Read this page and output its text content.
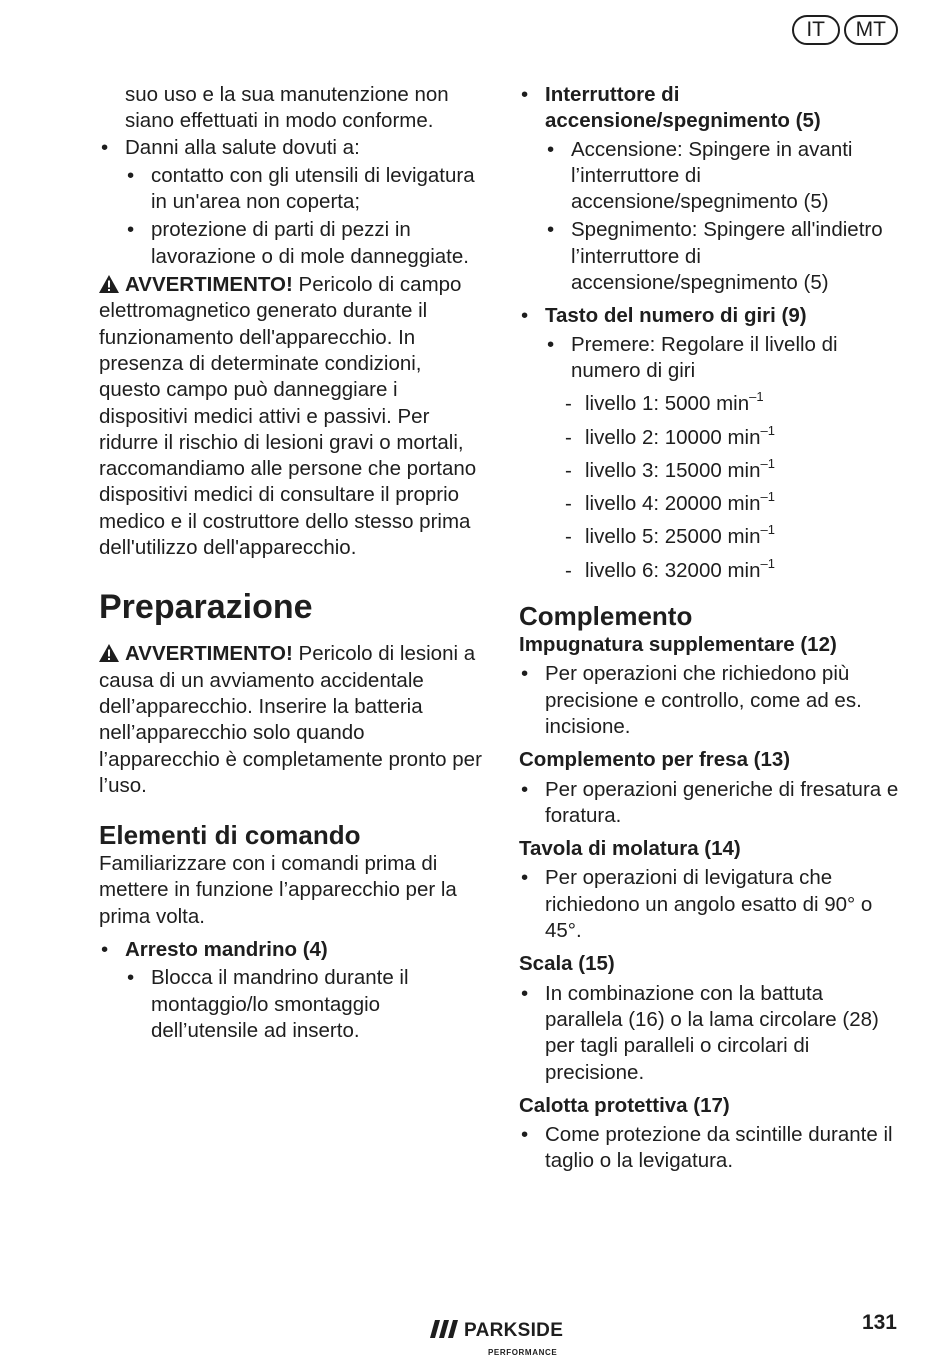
IT	MT

suo uso e la sua manutenzione non siano effettuati in modo conforme.

• Danni alla salute dovuti a:
• contatto con gli utensili di levigatura in un'area non coperta;
• protezione di parti di pezzi in lavorazione o di mole danneggiate.

AVVERTIMENTO! Pericolo di campo elettromagnetico generato durante il funzionamento dell'apparecchio. In presenza di determinate condizioni, questo campo può danneggiare i dispositivi medici attivi e passivi. Per ridurre il rischio di lesioni gravi o mortali, raccomandiamo alle persone che portano dispositivi medici di consultare il proprio medico e il costruttore dello stesso prima dell'utilizzo dell'apparecchio.

Preparazione

AVVERTIMENTO! Pericolo di lesioni a causa di un avviamento accidentale dell’apparecchio. Inserire la batteria nell’apparecchio solo quando l’apparecchio è completamente pronto per l’uso.

Elementi di comando

Familiarizzare con i comandi prima di mettere in funzione l’apparecchio per la prima volta.

• Arresto mandrino (4)
• Blocca il mandrino durante il montaggio/lo smontaggio dell’utensile ad inserto.
• Interruttore di accensione/spegnimento (5)
• Accensione: Spingere in avanti l’interruttore di accensione/spegnimento (5)
• Spegnimento: Spingere all'indietro l’interruttore di accensione/spegnimento (5)
• Tasto del numero di giri (9)
• Premere: Regolare il livello di numero di giri
- livello 1: 5000 $\min^{-1}$
- livello 2: 10000 $\min^{-1}$
- livello 3: 15000 $\min^{-1}$
- livello 4: 20000 $\min^{-1}$
- livello 5: 25000 $\min^{-1}$
- livello 6: 32000 $\min^{-1}$
Complemento
Impugnatura supplementare (12)
• Per operazioni che richiedono più precisione e controllo, come ad es. incisione.
Complemento per fresa (13)
• Per operazioni generiche di fresatura e foratura.
Tavola di molatura (14)
• Per operazioni di levigatura che richiedono un angolo esatto di 90° o 45°.
Scala (15)
• In combinazione con la battuta parallela (16) o la lama circolare (28) per tagli paralleli o circolari di precisione.
Calotta protettiva (17)
• Come protezione da scintille durante il taglio o la levigatura.
PARKSIDE
PERFORMANCE
131
